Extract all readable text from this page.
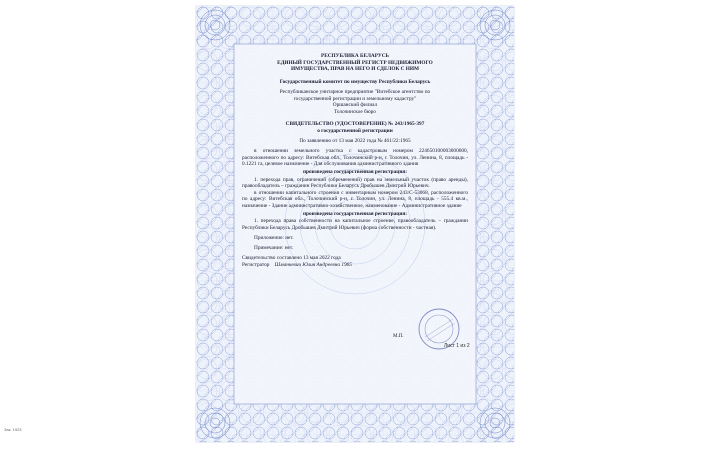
РЕСПУБЛИКА БЕЛАРУСЬ
ЕДИНЫЙ ГОСУДАРСТВЕННЫЙ РЕГИСТР НЕДВИЖИМОГО
ИМУЩЕСТВА, ПРАВ НА НЕГО И СДЕЛОК С НИМ
Государственный комитет по имуществу Республики Беларусь
Республиканское унитарное предприятие "Витебское агентство по
государственной регистрации и земельному кадастру"
Оршанский филиал
Толочинское бюро
СВИДЕТЕЛЬСТВО (УДОСТОВЕРЕНИЕ) № 243/1965-397
о государственной регистрации
По заявлению от 13 мая 2022 года № 461/22:1965
в отношении земельного участка с кадастровым номером 224650100003000600, расположенного по адресу: Витебская обл., Толочинский р-н, г. Толочин, ул. Ленина, 8, площадь - 0.1221 га, целевое назначение - Для обслуживания административного здания
произведена государственная регистрация:
1. перехода прав, ограничений (обременений) прав на земельный участок (право аренды), правообладатель – гражданин Республики Беларусь Дробышев Дмитрий Юрьевич.
в отношении капитального строения с инвентарным номером 243/С-53068, расположенного по адресу: Витебская обл., Толочинский р-н, г. Толочин, ул. Ленина, 8, площадь - 555.4 кв.м., назначение - Здание административно-хозяйственное, наименование - Административное здание
произведена государственная регистрация:
1. перехода права собственности на капитальное строение, правообладатель – гражданин Республики Беларусь Дробышев Дмитрий Юрьевич (форма собственности - частная).
Приложение: нет.
Примечание: нет.
Свидетельство составлено 13 мая 2022 года
Регистратор Шманкевич Юлия Андреевна 1965
М.П.
Лист 1 из 2
Зак. 1923
